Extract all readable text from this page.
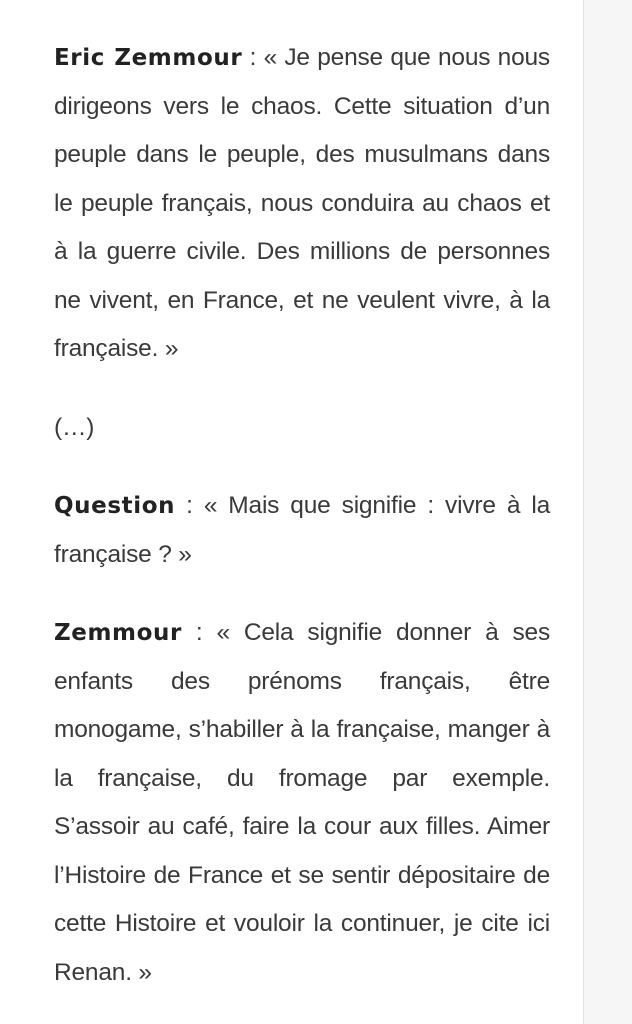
Eric Zemmour : « Je pense que nous nous dirigeons vers le chaos. Cette situation d’un peuple dans le peuple, des musulmans dans le peuple français, nous conduira au chaos et à la guerre civile. Des millions de personnes ne vivent, en France, et ne veulent vivre, à la française. »

(…)

Question : « Mais que signifie : vivre à la française ? »

Zemmour : « Cela signifie donner à ses enfants des prénoms français, être monogame, s’habiller à la française, manger à la française, du fromage par exemple. S’assoir au café, faire la cour aux filles. Aimer l’Histoire de France et se sentir dépositaire de cette Histoire et vouloir la continuer, je cite ici Renan. »
